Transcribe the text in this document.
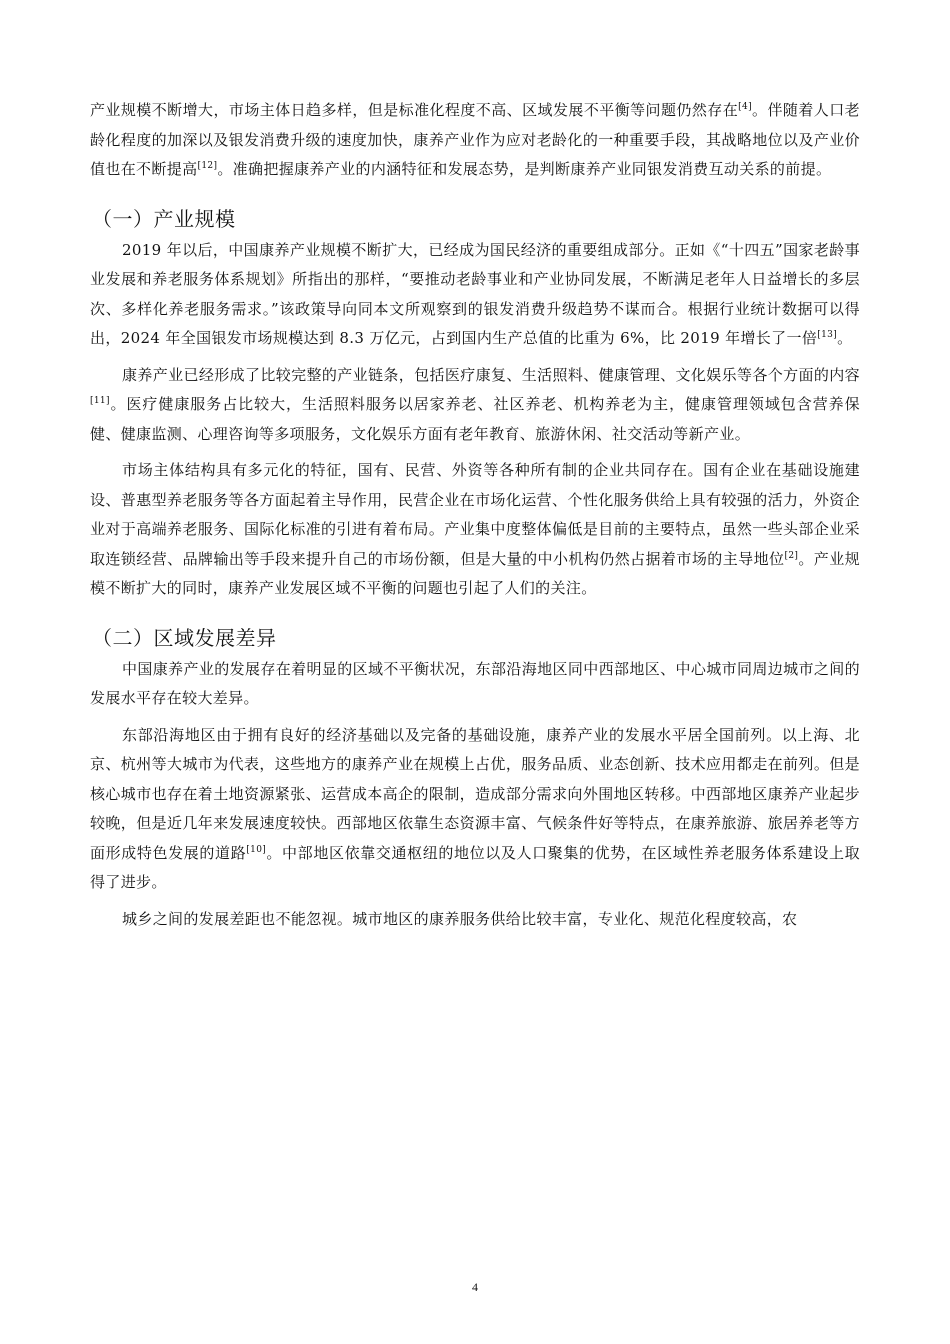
产业规模不断增大，市场主体日趋多样，但是标准化程度不高、区域发展不平衡等问题仍然存在[4]。伴随着人口老龄化程度的加深以及银发消费升级的速度加快，康养产业作为应对老龄化的一种重要手段，其战略地位以及产业价值也在不断提高[12]。准确把握康养产业的内涵特征和发展态势，是判断康养产业同银发消费互动关系的前提。

（一）产业规模

2019 年以后，中国康养产业规模不断扩大，已经成为国民经济的重要组成部分。正如《“十四五”国家老龄事业发展和养老服务体系规划》所指出的那样，“要推动老龄事业和产业协同发展，不断满足老年人日益增长的多层次、多样化养老服务需求。”该政策导向同本文所观察到的银发消费升级趋势不谋而合。根据行业统计数据可以得出，2024 年全国银发市场规模达到 8.3 万亿元，占到国内生产总值的比重为 6%，比 2019 年增长了一倍[13]。

康养产业已经形成了比较完整的产业链条，包括医疗康复、生活照料、健康管理、文化娱乐等各个方面的内容[11]。医疗健康服务占比较大，生活照料服务以居家养老、社区养老、机构养老为主，健康管理领域包含营养保健、健康监测、心理咨询等多项服务，文化娱乐方面有老年教育、旅游休闲、社交活动等新产业。

市场主体结构具有多元化的特征，国有、民营、外资等各种所有制的企业共同存在。国有企业在基础设施建设、普惠型养老服务等各方面起着主导作用，民营企业在市场化运营、个性化服务供给上具有较强的活力，外资企业对于高端养老服务、国际化标准的引进有着布局。产业集中度整体偏低是目前的主要特点，虽然一些头部企业采取连锁经营、品牌输出等手段来提升自己的市场份额，但是大量的中小机构仍然占据着市场的主导地位[2]。产业规模不断扩大的同时，康养产业发展区域不平衡的问题也引起了人们的关注。

（二）区域发展差异

中国康养产业的发展存在着明显的区域不平衡状况，东部沿海地区同中西部地区、中心城市同周边城市之间的发展水平存在较大差异。

东部沿海地区由于拥有良好的经济基础以及完备的基础设施，康养产业的发展水平居全国前列。以上海、北京、杭州等大城市为代表，这些地方的康养产业在规模上占优，服务品质、业态创新、技术应用都走在前列。但是核心城市也存在着土地资源紧张、运营成本高企的限制，造成部分需求向外围地区转移。中西部地区康养产业起步较晚，但是近几年来发展速度较快。西部地区依靠生态资源丰富、气候条件好等特点，在康养旅游、旅居养老等方面形成特色发展的道路[10]。中部地区依靠交通枢纽的地位以及人口聚集的优势，在区域性养老服务体系建设上取得了进步。

城乡之间的发展差距也不能忽视。城市地区的康养服务供给比较丰富，专业化、规范化程度较高，农

4
